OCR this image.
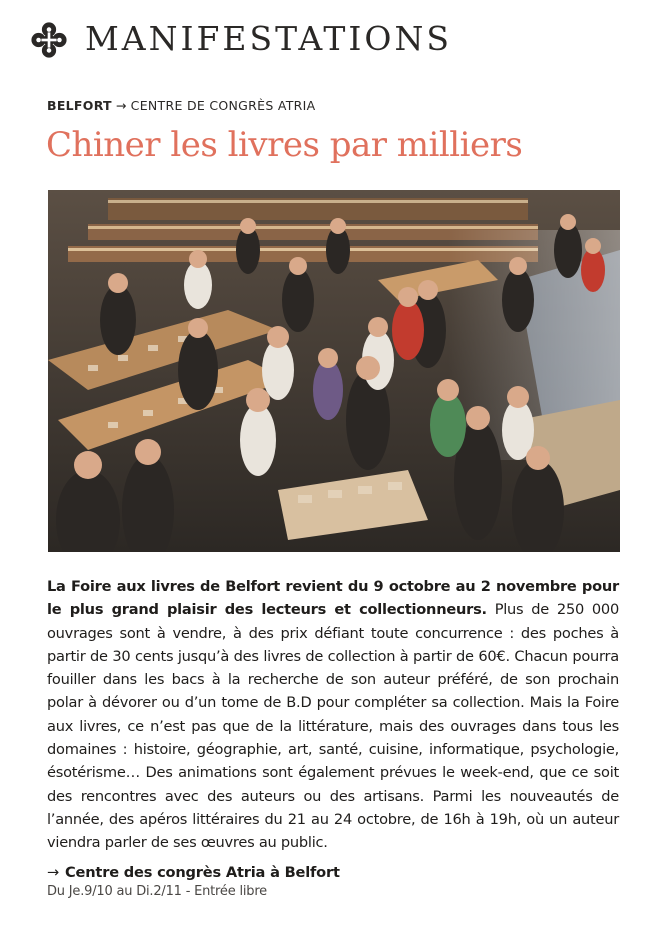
MANIFESTATIONS
BELFORT → CENTRE DE CONGRÈS ATRIA
Chiner les livres par milliers

La Foire aux livres de Belfort revient du 9 octobre au 2 novembre pour le plus grand plaisir des lecteurs et collectionneurs. Plus de 250 000 ouvrages sont à vendre, à des prix défiant toute concurrence : des poches à partir de 30 cents jusqu’à des livres de collection à partir de 60€. Chacun pourra fouiller dans les bacs à la recherche de son auteur préféré, de son prochain polar à dévorer ou d’un tome de B.D pour compléter sa collection. Mais la Foire aux livres, ce n’est pas que de la littérature, mais des ouvrages dans tous les domaines : histoire, géographie, art, santé, cuisine, informatique, psychologie, ésotérisme… Des animations sont également prévues le week-end, que ce soit des rencontres avec des auteurs ou des artisans. Parmi les nouveautés de l’année, des apéros littéraires du 21 au 24 octobre, de 16h à 19h, où un auteur viendra parler de ses œuvres au public.

→ Centre des congrès Atria à Belfort
Du Je.9/10 au Di.2/11 - Entrée libre
